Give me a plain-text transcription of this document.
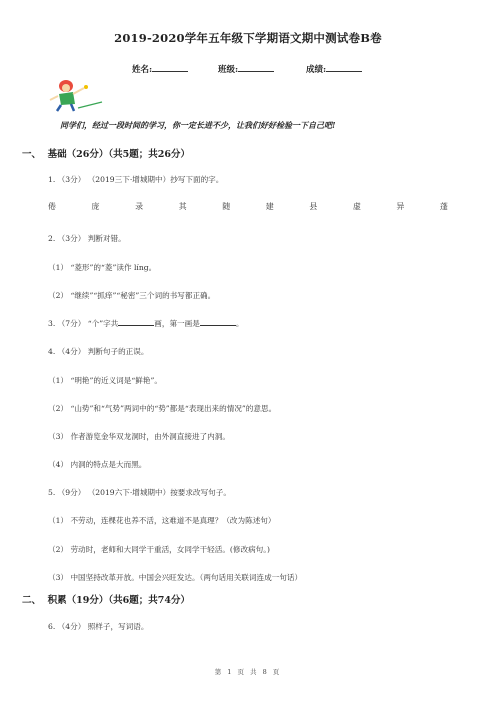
2019-2020学年五年级下学期语文期中测试卷B卷
姓名:	班级:	成绩:
同学们，经过一段时间的学习，你一定长进不少，让我们好好检验一下自己吧!
一、 基础（26分）（共5题；共26分）
1. （3分） （2019三下·增城期中）抄写下面的字。
倦	庞	录	其	随	建	县	虚	异	蓬
2. （3分） 判断对错。
（1） “菱形”的“菱”读作 líng。
（2） “继续”“抓痒”“秘密”三个词的书写都正确。
3. （7分） “个”字共	画，第一画是	。
4. （4分） 判断句子的正误。
（1） “明艳”的近义词是“鲜艳”。
（2） “山势”和“气势”两词中的“势”都是“表现出来的情况”的意思。
（3） 作者游览金华双龙洞时，由外洞直接进了内洞。
（4） 内洞的特点是大而黑。
5. （9分） （2019六下·增城期中）按要求改写句子。
（1） 不劳动，连棵花也养不活，这难道不是真理？（改为陈述句）
（2） 劳动时，老师和大同学干重活，女同学干轻活。(修改病句。)
（3） 中国坚持改革开放。中国会兴旺发达。（两句话用关联词连成一句话）
二、 积累（19分）（共6题；共74分）
6. （4分） 照样子，写词语。
第 1 页 共 8 页
